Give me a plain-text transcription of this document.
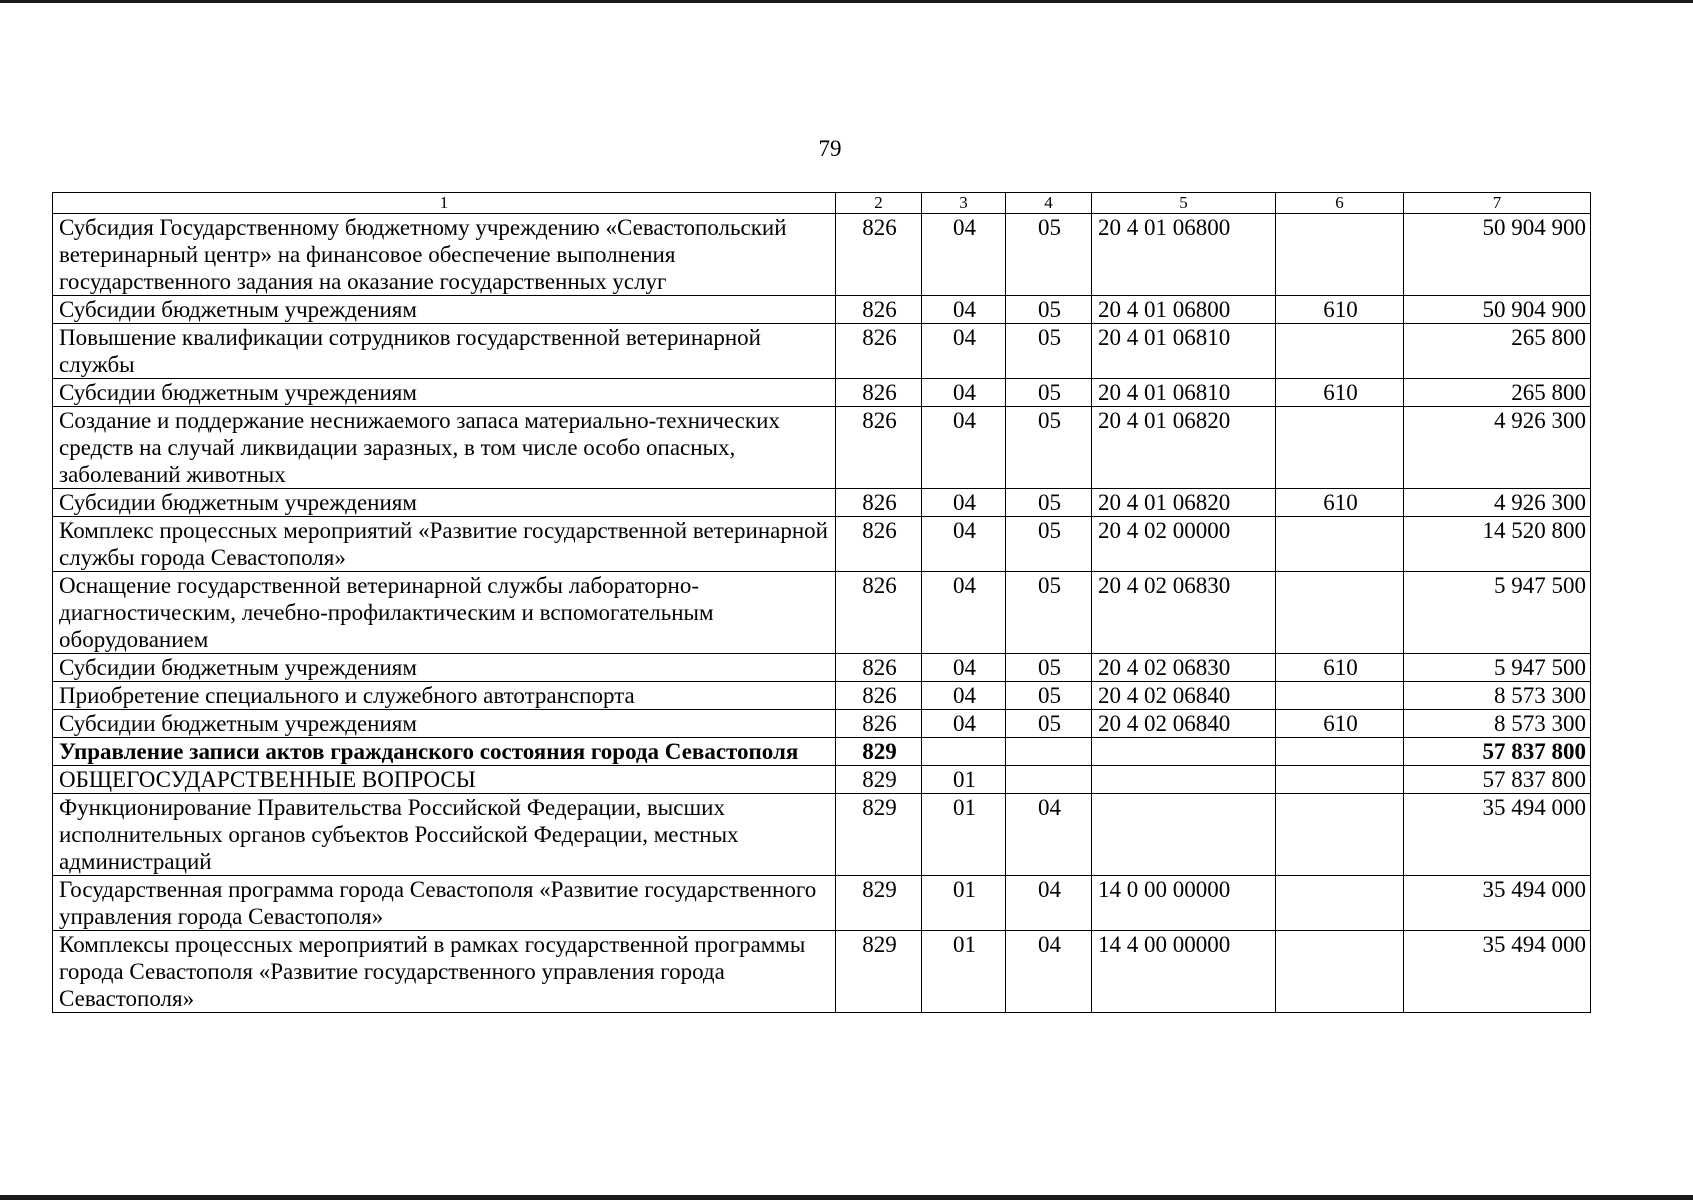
79
1	2	3	4	5	6	7
Субсидия Государственному бюджетному учреждению «Севастопольский ветеринарный центр» на финансовое обеспечение выполнения государственного задания на оказание государственных услуг	826	04	05	20 4 01 06800		50 904 900
Субсидии бюджетным учреждениям	826	04	05	20 4 01 06800	610	50 904 900
Повышение квалификации сотрудников государственной ветеринарной службы	826	04	05	20 4 01 06810		265 800
Субсидии бюджетным учреждениям	826	04	05	20 4 01 06810	610	265 800
Создание и поддержание неснижаемого запаса материально-технических средств на случай ликвидации заразных, в том числе особо опасных, заболеваний животных	826	04	05	20 4 01 06820		4 926 300
Субсидии бюджетным учреждениям	826	04	05	20 4 01 06820	610	4 926 300
Комплекс процессных мероприятий «Развитие государственной ветеринарной службы города Севастополя»	826	04	05	20 4 02 00000		14 520 800
Оснащение государственной ветеринарной службы лабораторно-диагностическим, лечебно-профилактическим и вспомогательным оборудованием	826	04	05	20 4 02 06830		5 947 500
Субсидии бюджетным учреждениям	826	04	05	20 4 02 06830	610	5 947 500
Приобретение специального и служебного автотранспорта	826	04	05	20 4 02 06840		8 573 300
Субсидии бюджетным учреждениям	826	04	05	20 4 02 06840	610	8 573 300
Управление записи актов гражданского состояния города Севастополя	829					57 837 800
ОБЩЕГОСУДАРСТВЕННЫЕ ВОПРОСЫ	829	01				57 837 800
Функционирование Правительства Российской Федерации, высших исполнительных органов субъектов Российской Федерации, местных администраций	829	01	04			35 494 000
Государственная программа города Севастополя «Развитие государственного управления города Севастополя»	829	01	04	14 0 00 00000		35 494 000
Комплексы процессных мероприятий в рамках государственной программы города Севастополя «Развитие государственного управления города Севастополя»	829	01	04	14 4 00 00000		35 494 000
